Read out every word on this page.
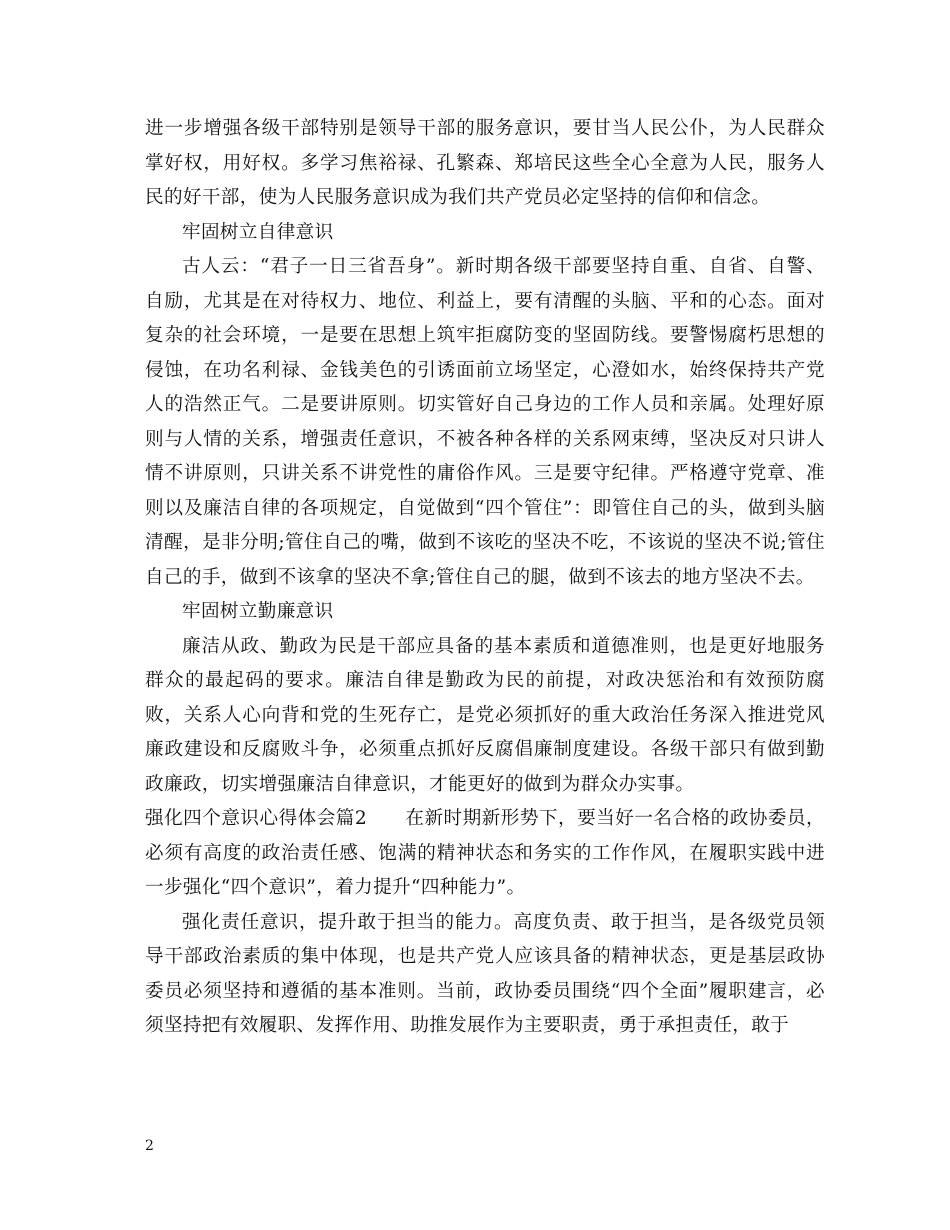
进一步增强各级干部特别是领导干部的服务意识，要甘当人民公仆，为人民群众掌好权，用好权。多学习焦裕禄、孔繁森、郑培民这些全心全意为人民，服务人民的好干部，使为人民服务意识成为我们共产党员必定坚持的信仰和信念。

牢固树立自律意识

古人云：“君子一日三省吾身”。新时期各级干部要坚持自重、自省、自警、自励，尤其是在对待权力、地位、利益上，要有清醒的头脑、平和的心态。面对复杂的社会环境，一是要在思想上筑牢拒腐防变的坚固防线。要警惕腐朽思想的侵蚀，在功名利禄、金钱美色的引诱面前立场坚定，心澄如水，始终保持共产党人的浩然正气。二是要讲原则。切实管好自己身边的工作人员和亲属。处理好原则与人情的关系，增强责任意识，不被各种各样的关系网束缚，坚决反对只讲人情不讲原则，只讲关系不讲党性的庸俗作风。三是要守纪律。严格遵守党章、准则以及廉洁自律的各项规定，自觉做到“四个管住”：即管住自己的头，做到头脑清醒，是非分明;管住自己的嘴，做到不该吃的坚决不吃，不该说的坚决不说;管住自己的手，做到不该拿的坚决不拿;管住自己的腿，做到不该去的地方坚决不去。

牢固树立勤廉意识

廉洁从政、勤政为民是干部应具备的基本素质和道德准则，也是更好地服务群众的最起码的要求。廉洁自律是勤政为民的前提，对政决惩治和有效预防腐败，关系人心向背和党的生死存亡，是党必须抓好的重大政治任务深入推进党风廉政建设和反腐败斗争，必须重点抓好反腐倡廉制度建设。各级干部只有做到勤政廉政，切实增强廉洁自律意识，才能更好的做到为群众办实事。

强化四个意识心得体会篇2　　在新时期新形势下，要当好一名合格的政协委员，必须有高度的政治责任感、饱满的精神状态和务实的工作作风，在履职实践中进一步强化“四个意识”，着力提升“四种能力”。

强化责任意识，提升敢于担当的能力。高度负责、敢于担当，是各级党员领导干部政治素质的集中体现，也是共产党人应该具备的精神状态，更是基层政协委员必须坚持和遵循的基本准则。当前，政协委员围绕“四个全面”履职建言，必须坚持把有效履职、发挥作用、助推发展作为主要职责，勇于承担责任，敢于

2
